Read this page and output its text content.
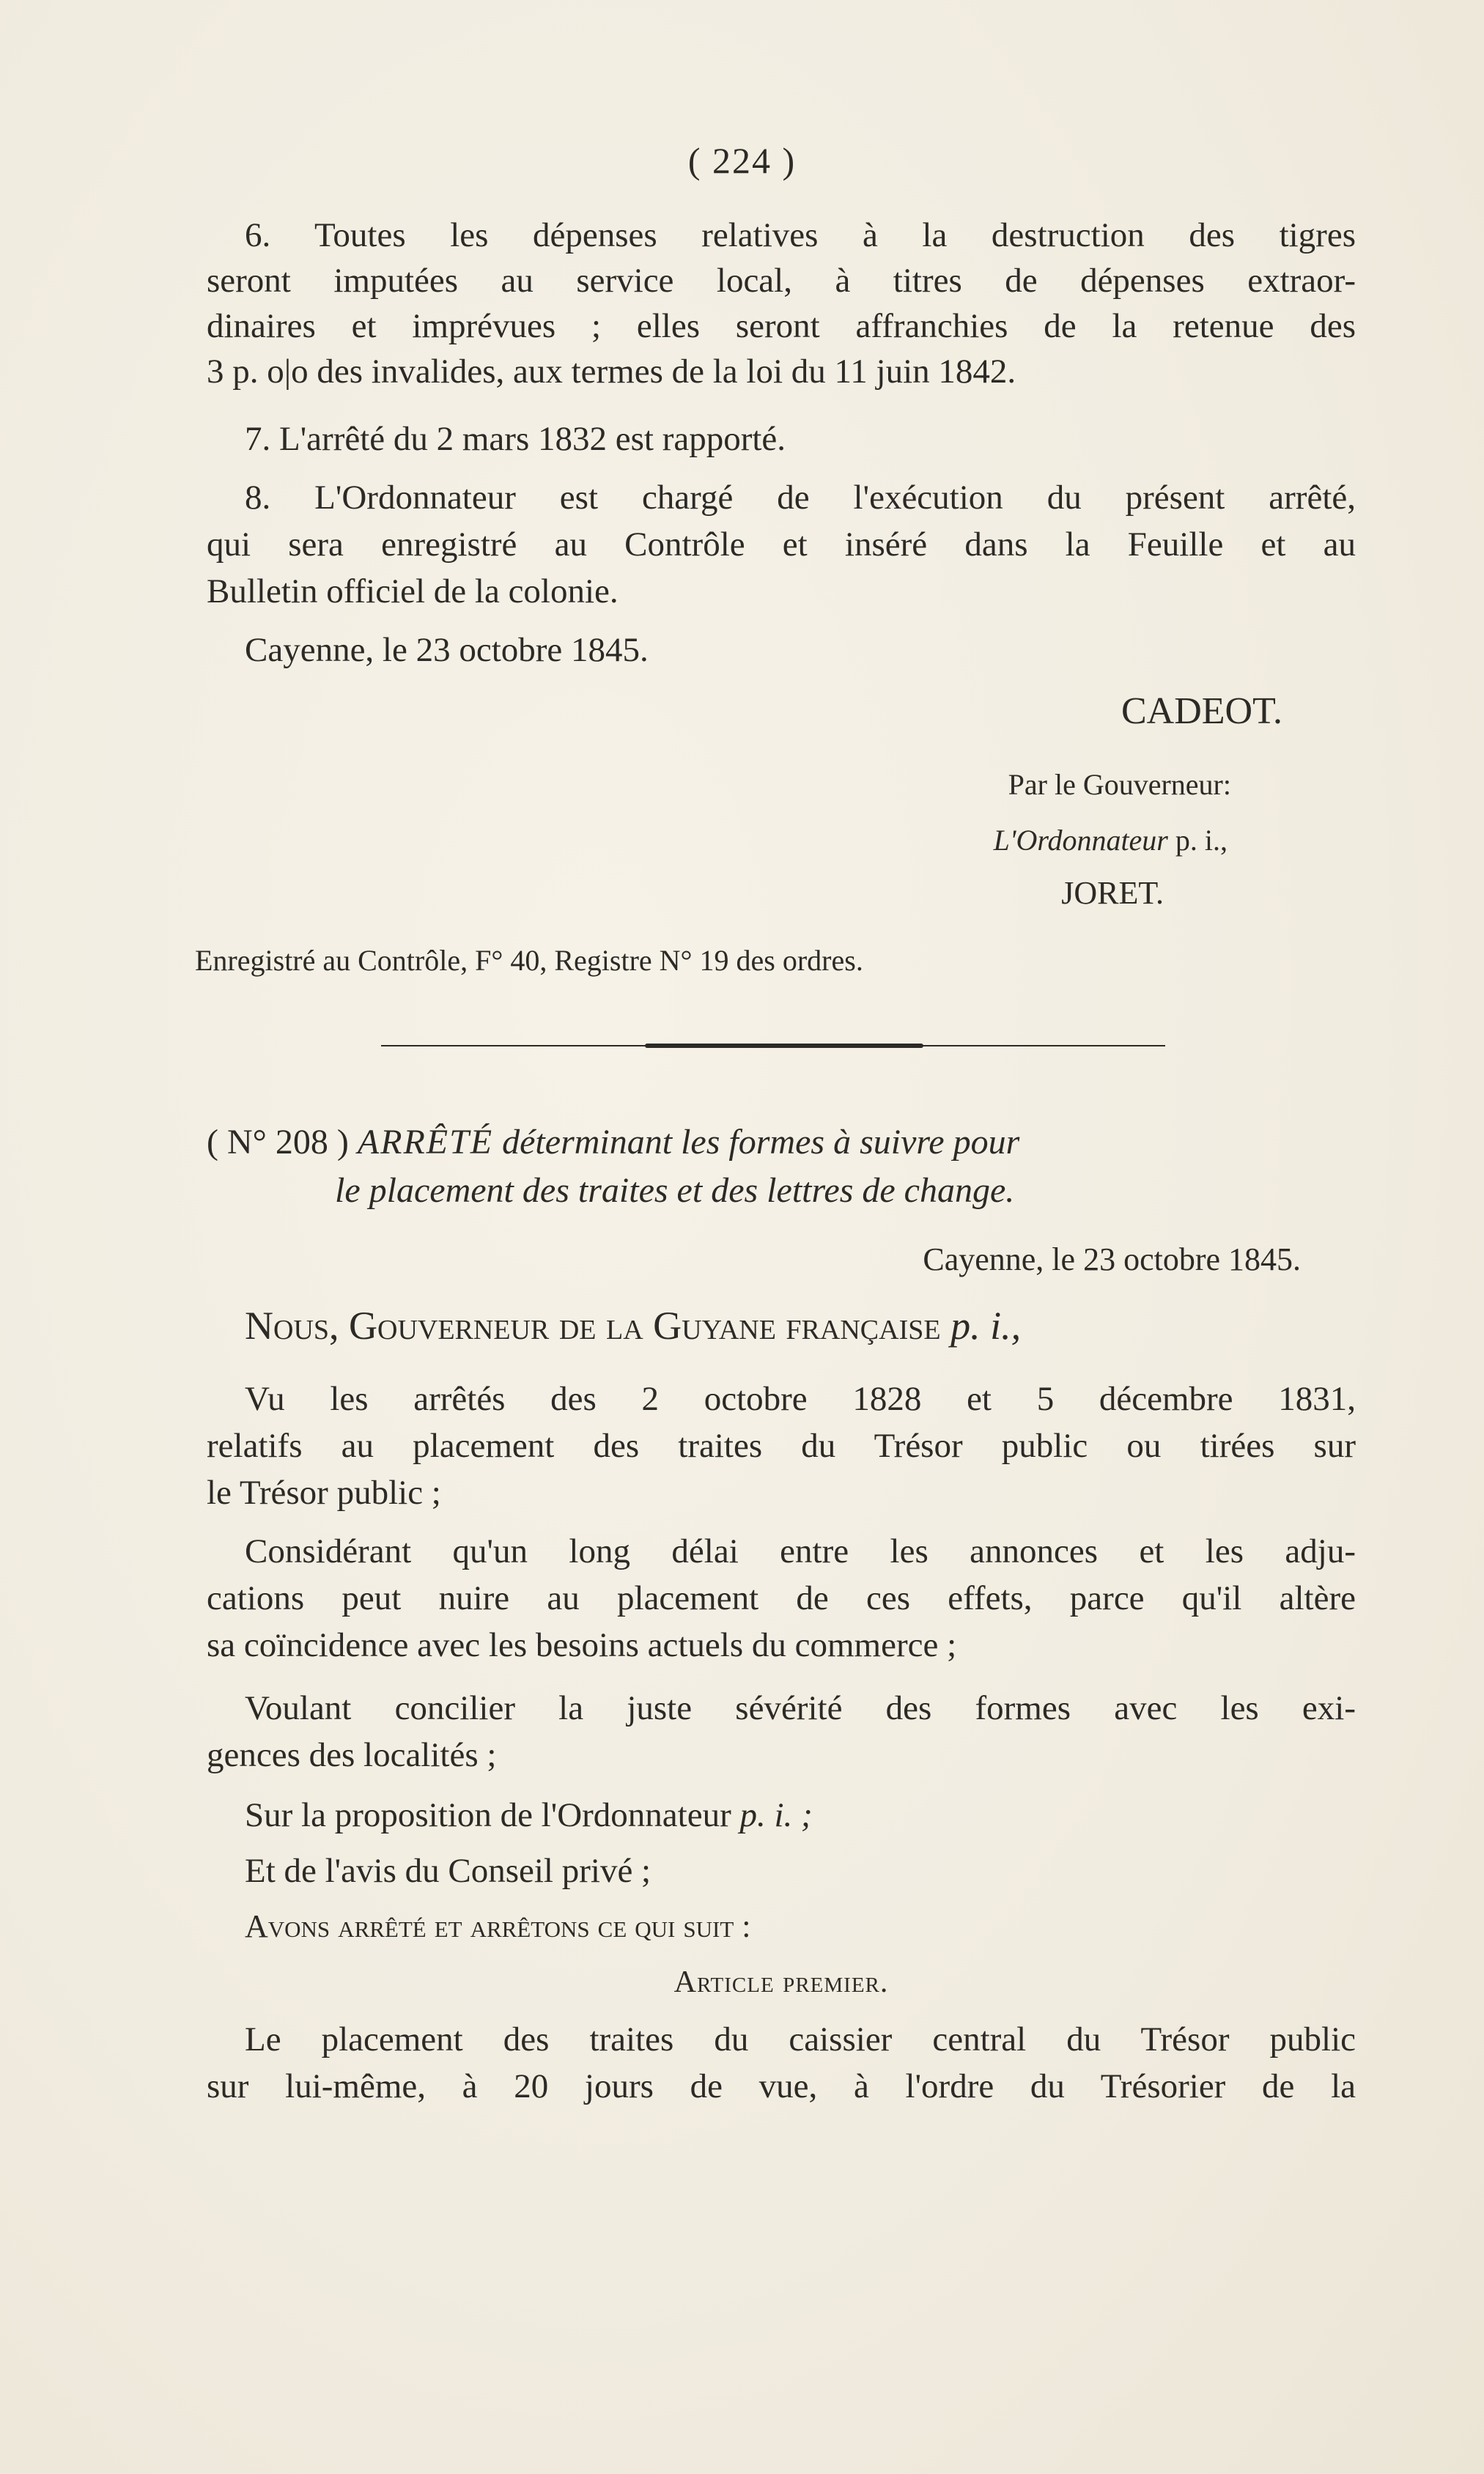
( 224 )
6. Toutes les dépenses relatives à la destruction des tigres
seront imputées au service local, à titres de dépenses extraor-
dinaires et imprévues ; elles seront affranchies de la retenue des
3 p. o|o des invalides, aux termes de la loi du 11 juin 1842.
7. L'arrêté du 2 mars 1832 est rapporté.
8. L'Ordonnateur est chargé de l'exécution du présent arrêté,
qui sera enregistré au Contrôle et inséré dans la Feuille et au
Bulletin officiel de la colonie.
Cayenne, le 23 octobre 1845.
CADEOT.
Par le Gouverneur:
L'Ordonnateur p. i.,
JORET.
Enregistré au Contrôle, F° 40, Registre N° 19 des ordres.
( N° 208 ) ARRÊTÉ déterminant les formes à suivre pour
le placement des traites et des lettres de change.
Cayenne, le 23 octobre 1845.
Nous, Gouverneur de la Guyane française p. i.,
Vu les arrêtés des 2 octobre 1828 et 5 décembre 1831,
relatifs au placement des traites du Trésor public ou tirées sur
le Trésor public ;
Considérant qu'un long délai entre les annonces et les adju-
cations peut nuire au placement de ces effets, parce qu'il altère
sa coïncidence avec les besoins actuels du commerce ;
Voulant concilier la juste sévérité des formes avec les exi-
gences des localités ;
Sur la proposition de l'Ordonnateur p. i. ;
Et de l'avis du Conseil privé ;
Avons arrêté et arrêtons ce qui suit :
Article premier.
Le placement des traites du caissier central du Trésor public
sur lui-même, à 20 jours de vue, à l'ordre du Trésorier de la
